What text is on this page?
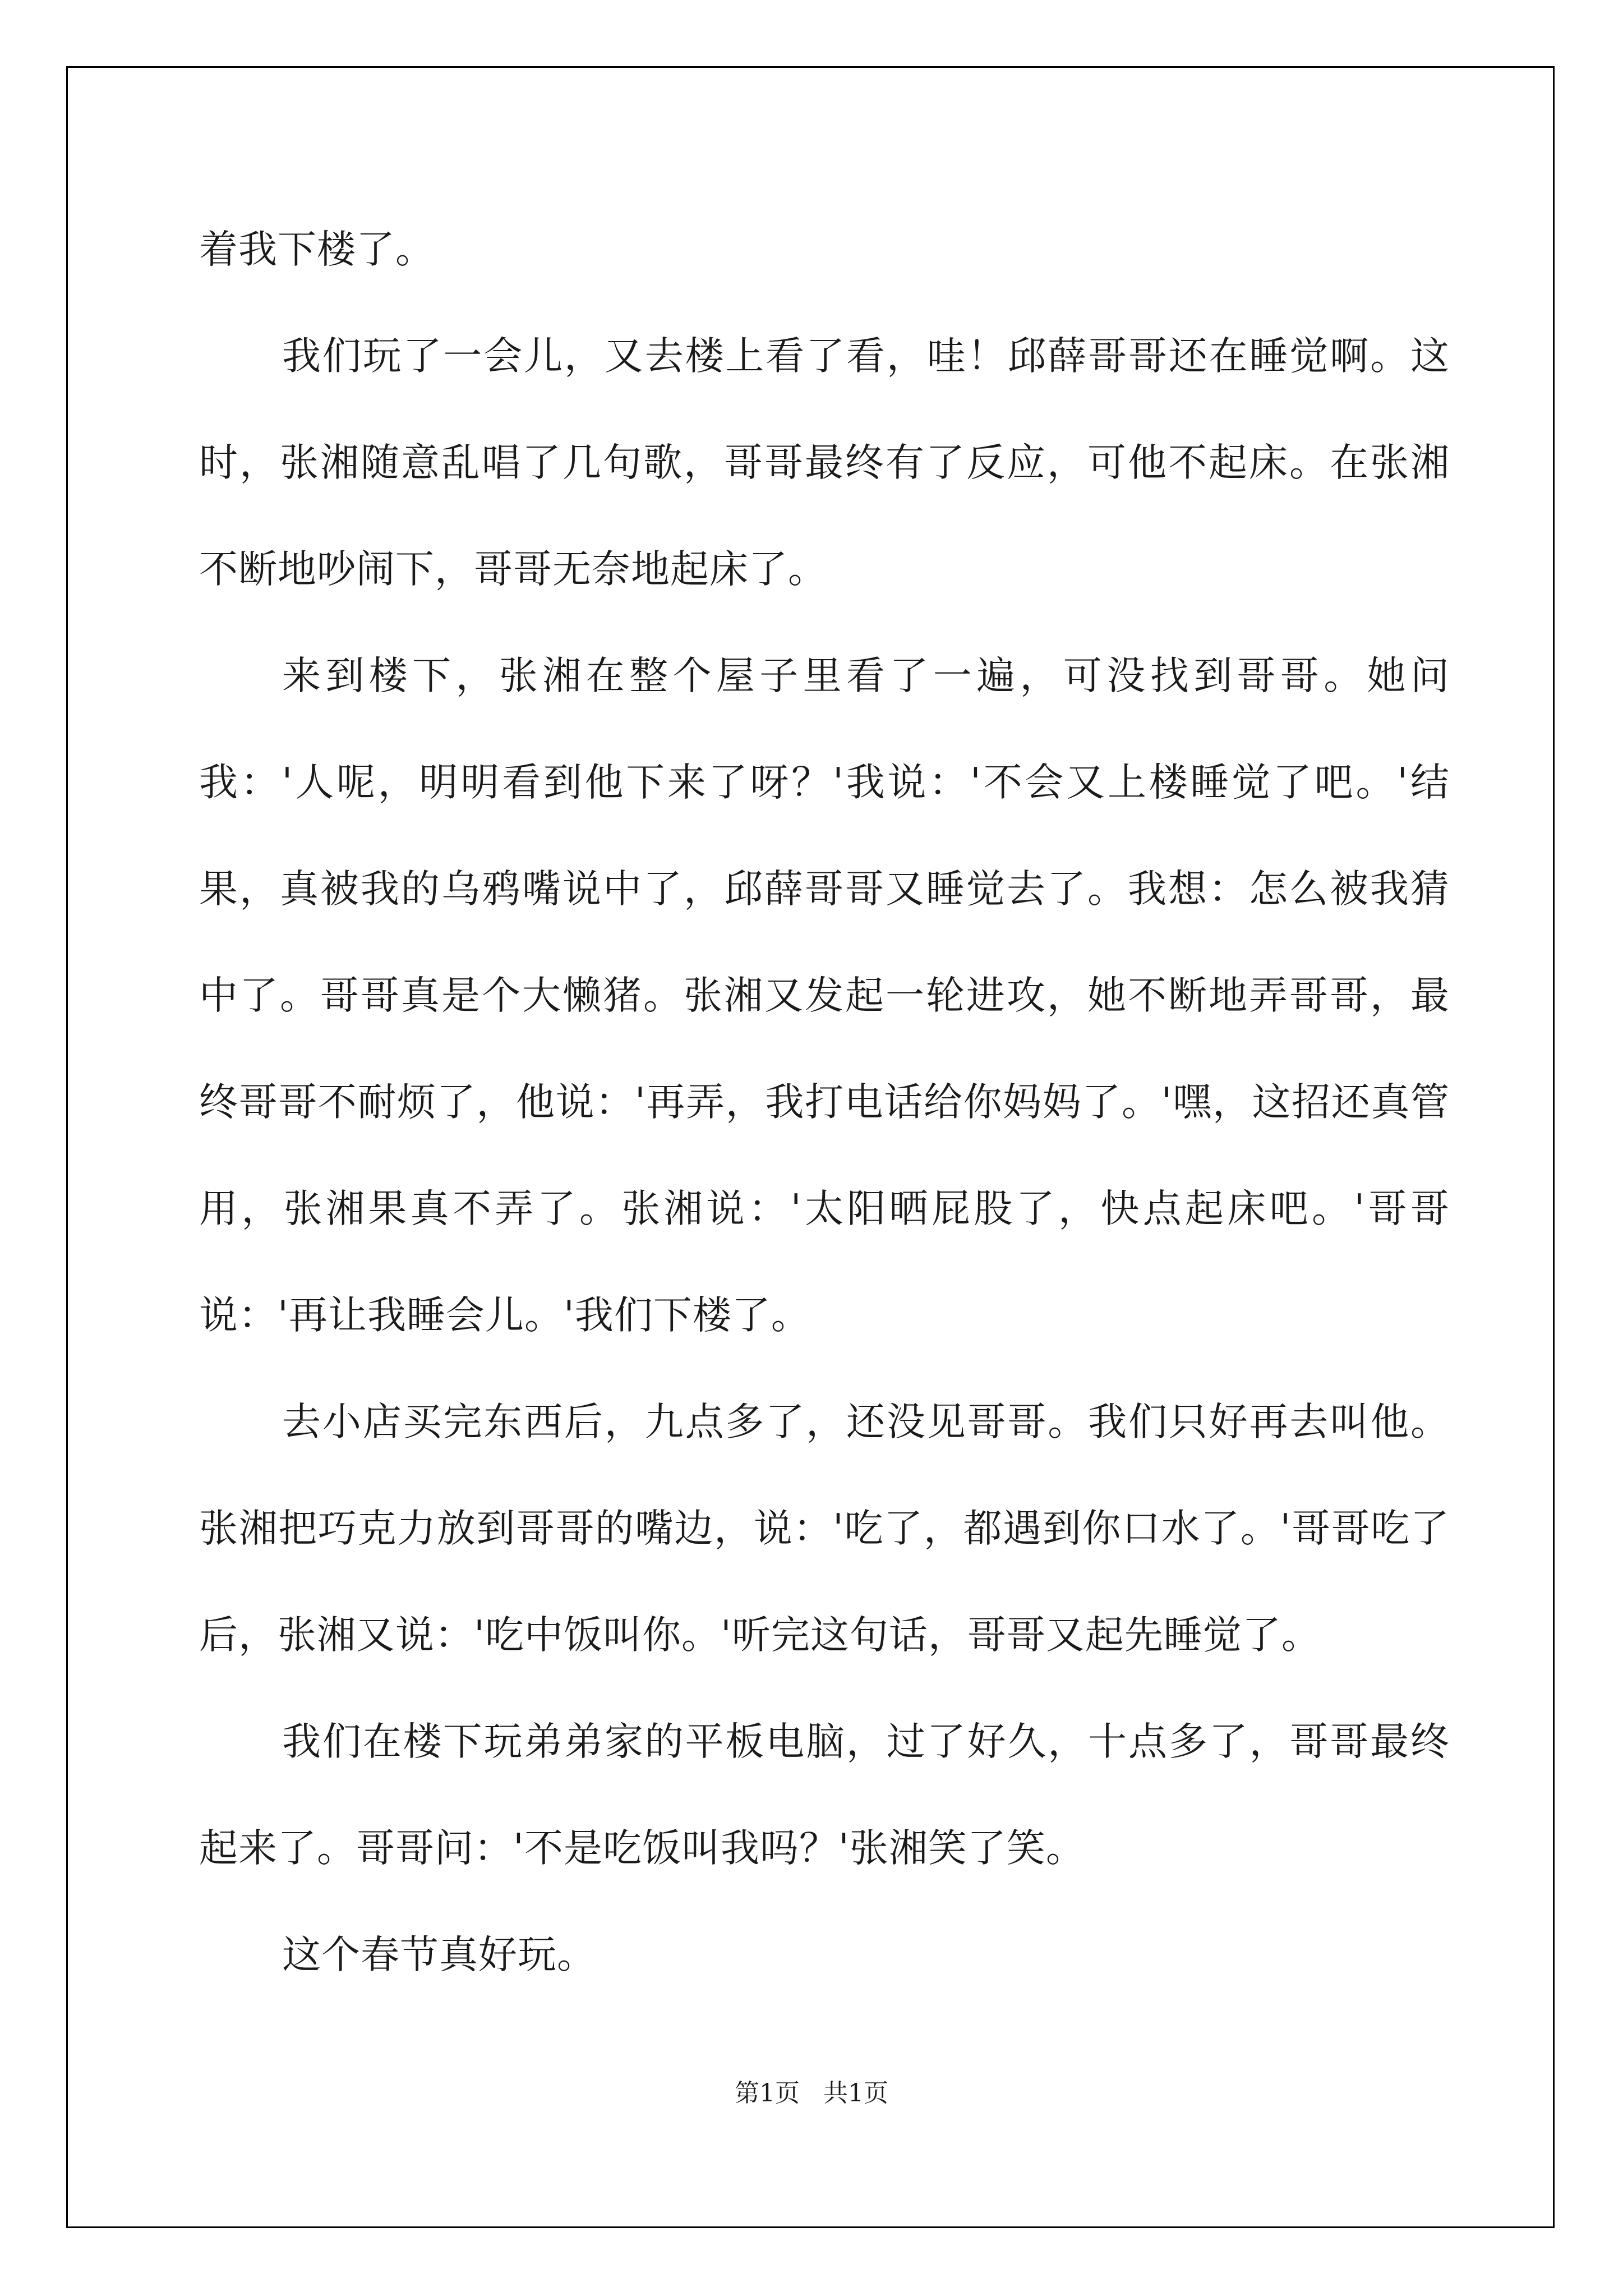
着我下楼了。

我们玩了一会儿，又去楼上看了看，哇！邱薛哥哥还在睡觉啊。这时，张湘随意乱唱了几句歌，哥哥最终有了反应，可他不起床。在张湘不断地吵闹下，哥哥无奈地起床了。

来到楼下，张湘在整个屋子里看了一遍，可没找到哥哥。她问我：'人呢，明明看到他下来了呀？'我说：'不会又上楼睡觉了吧。'结果，真被我的乌鸦嘴说中了，邱薛哥哥又睡觉去了。我想：怎么被我猜中了。哥哥真是个大懒猪。张湘又发起一轮进攻，她不断地弄哥哥，最终哥哥不耐烦了，他说：'再弄，我打电话给你妈妈了。'嘿，这招还真管用，张湘果真不弄了。张湘说：'太阳晒屁股了，快点起床吧。'哥哥说：'再让我睡会儿。'我们下楼了。

去小店买完东西后，九点多了，还没见哥哥。我们只好再去叫他。张湘把巧克力放到哥哥的嘴边，说：'吃了，都遇到你口水了。'哥哥吃了后，张湘又说：'吃中饭叫你。'听完这句话，哥哥又起先睡觉了。

我们在楼下玩弟弟家的平板电脑，过了好久，十点多了，哥哥最终起来了。哥哥问：'不是吃饭叫我吗？'张湘笑了笑。

这个春节真好玩。

第1页   共1页
